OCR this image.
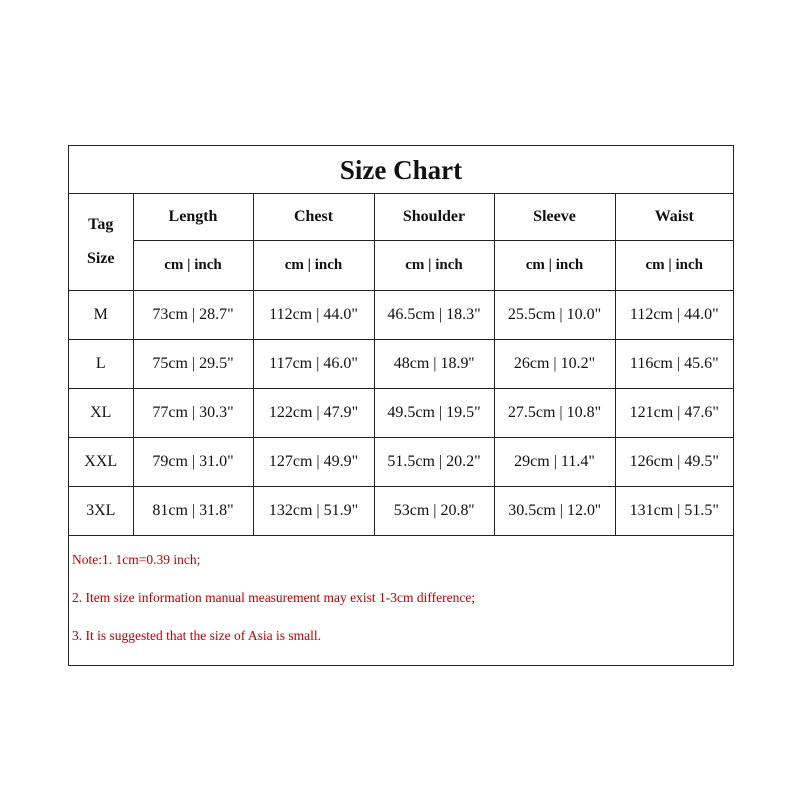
Size Chart
Tag
Size	Length	Chest	Shoulder	Sleeve	Waist
	cm | inch	cm | inch	cm | inch	cm | inch	cm | inch
M	73cm | 28.7"	112cm | 44.0"	46.5cm | 18.3"	25.5cm | 10.0"	112cm | 44.0"
L	75cm | 29.5"	117cm | 46.0"	48cm | 18.9''	26cm | 10.2"	116cm | 45.6"
XL	77cm | 30.3"	122cm | 47.9"	49.5cm | 19.5"	27.5cm | 10.8"	121cm | 47.6"
XXL	79cm | 31.0"	127cm | 49.9"	51.5cm | 20.2"	29cm | 11.4"	126cm | 49.5"
3XL	81cm | 31.8"	132cm | 51.9"	53cm | 20.8''	30.5cm | 12.0''	131cm | 51.5"
Note:1. 1cm=0.39 inch;
2. Item size information manual measurement may exist 1-3cm difference;
3. It is suggested that the size of Asia is small.
